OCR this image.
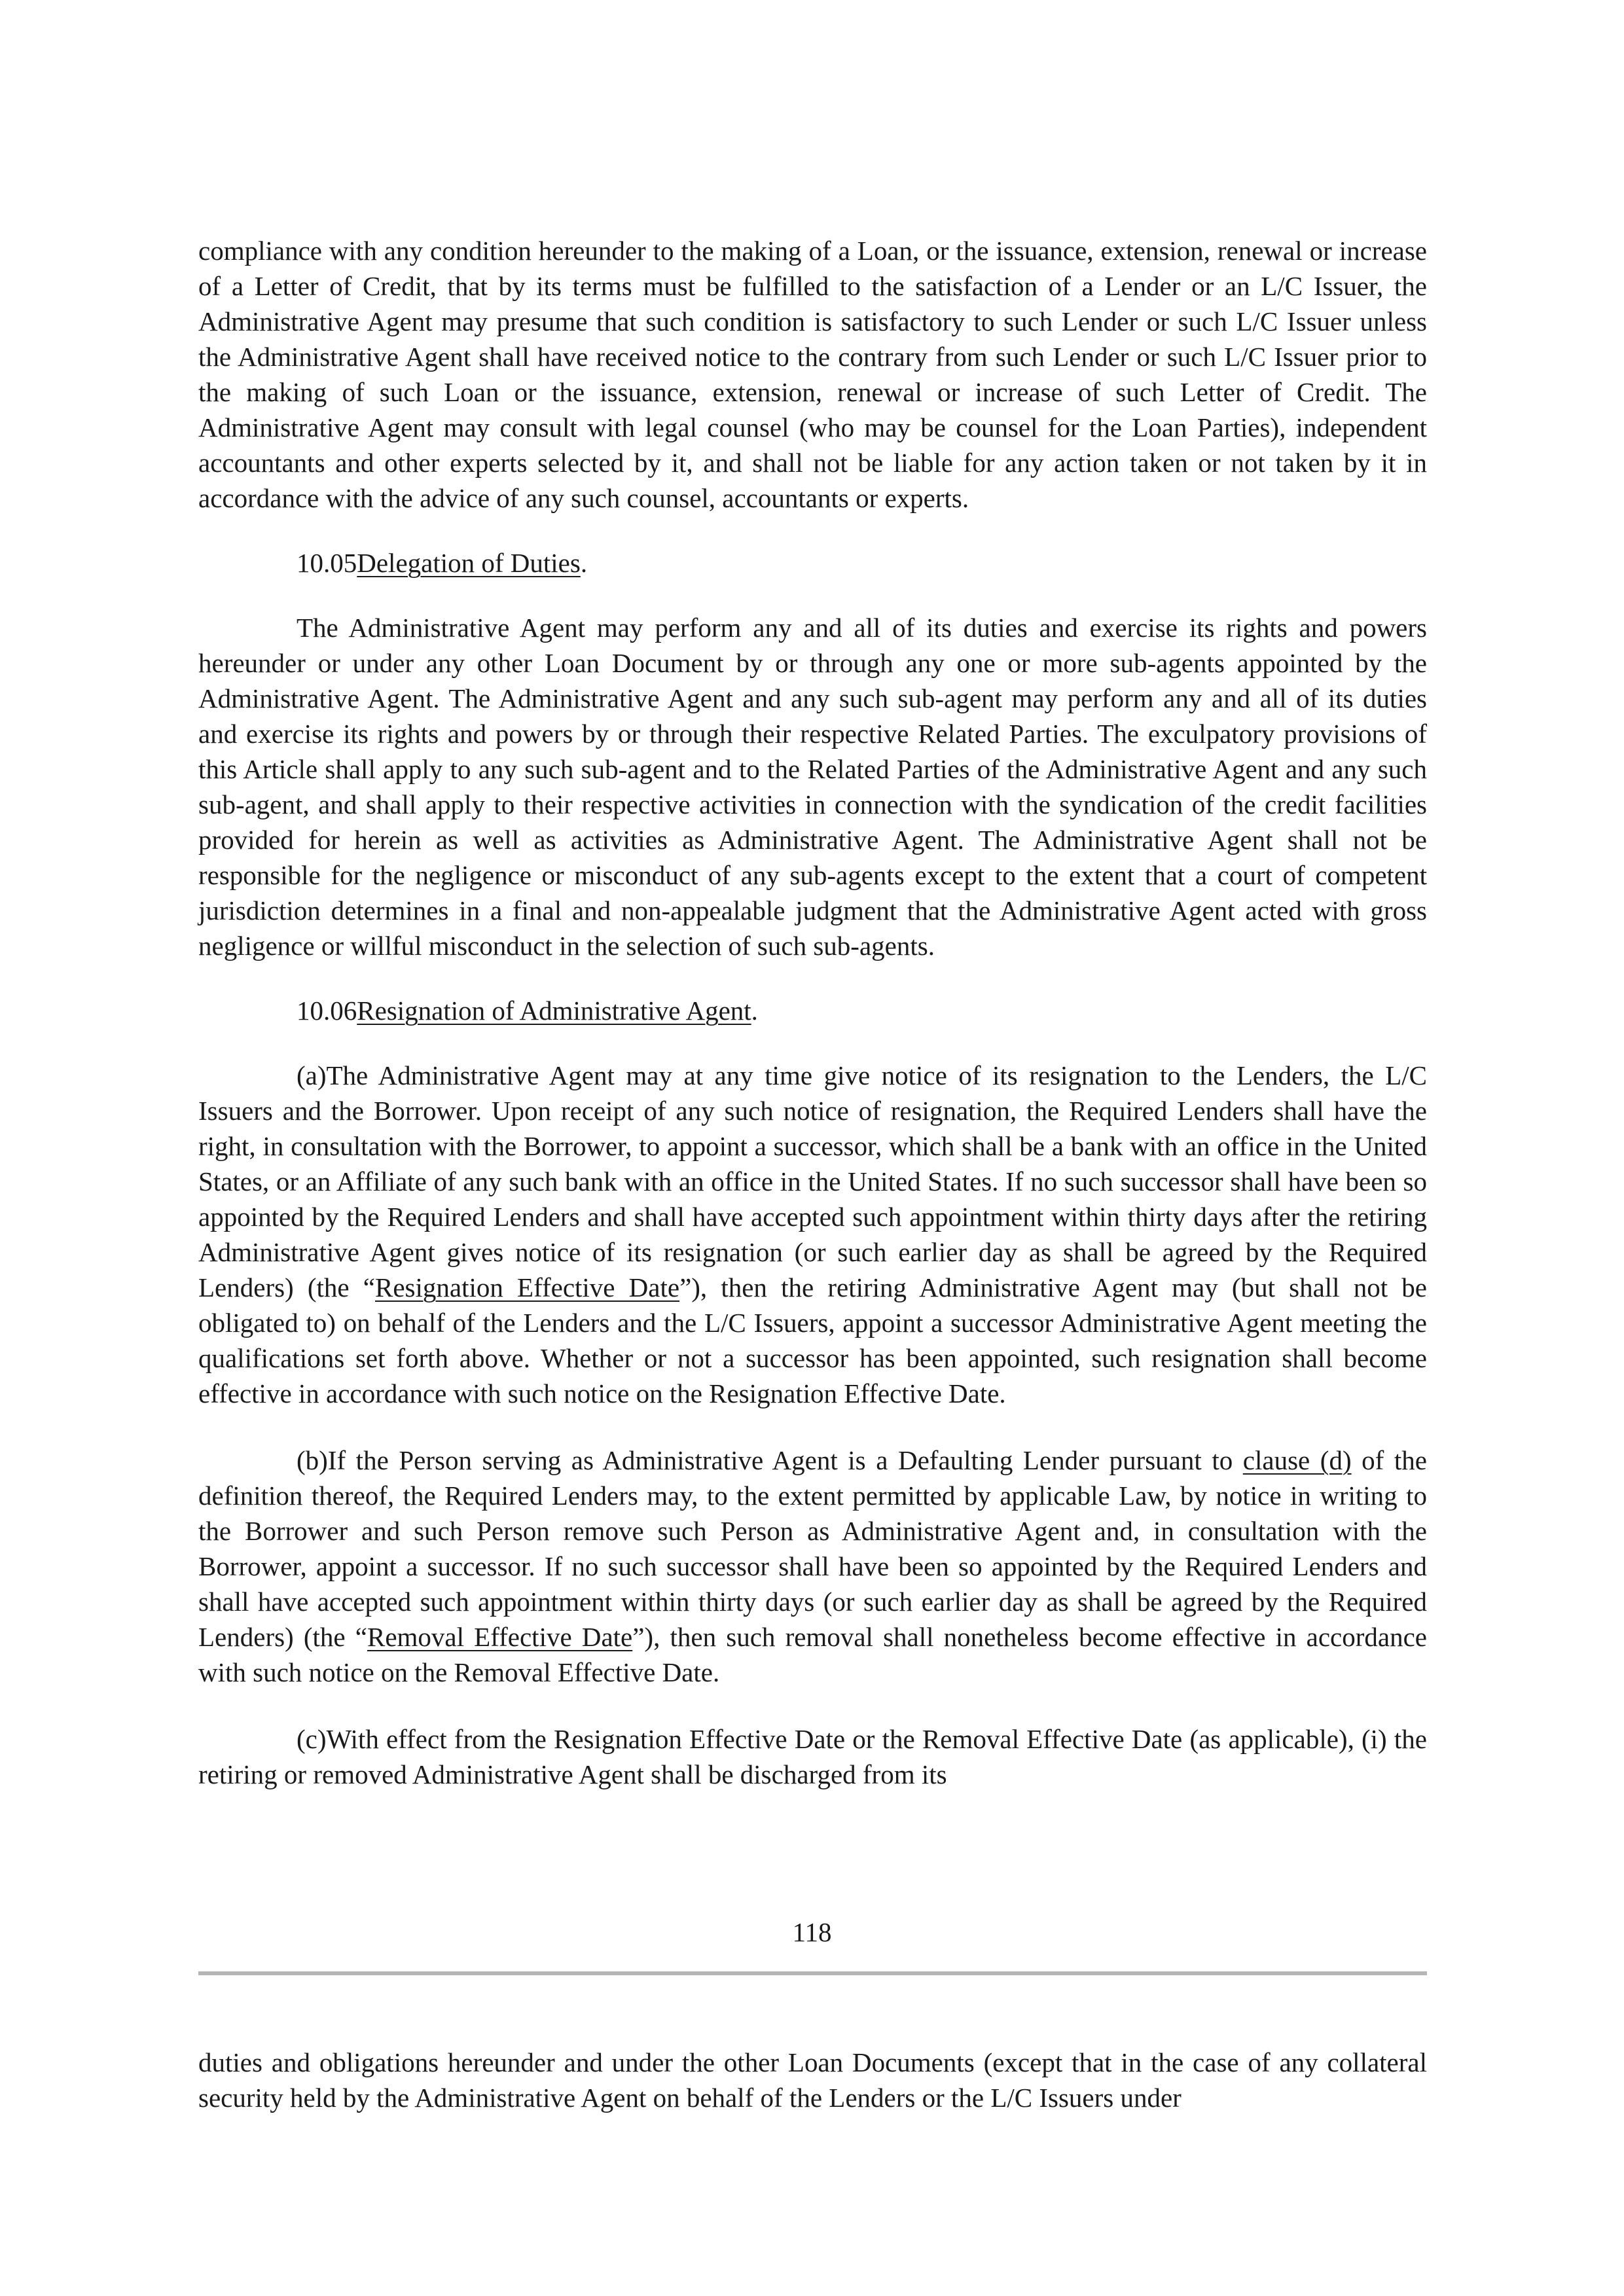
compliance with any condition hereunder to the making of a Loan, or the issuance, extension, renewal or increase of a Letter of Credit, that by its terms must be fulfilled to the satisfaction of a Lender or an L/C Issuer, the Administrative Agent may presume that such condition is satisfactory to such Lender or such L/C Issuer unless the Administrative Agent shall have received notice to the contrary from such Lender or such L/C Issuer prior to the making of such Loan or the issuance, extension, renewal or increase of such Letter of Credit. The Administrative Agent may consult with legal counsel (who may be counsel for the Loan Parties), independent accountants and other experts selected by it, and shall not be liable for any action taken or not taken by it in accordance with the advice of any such counsel, accountants or experts.

10.05Delegation of Duties.

The Administrative Agent may perform any and all of its duties and exercise its rights and powers hereunder or under any other Loan Document by or through any one or more sub-agents appointed by the Administrative Agent. The Administrative Agent and any such sub-agent may perform any and all of its duties and exercise its rights and powers by or through their respective Related Parties. The exculpatory provisions of this Article shall apply to any such sub-agent and to the Related Parties of the Administrative Agent and any such sub-agent, and shall apply to their respective activities in connection with the syndication of the credit facilities provided for herein as well as activities as Administrative Agent. The Administrative Agent shall not be responsible for the negligence or misconduct of any sub-agents except to the extent that a court of competent jurisdiction determines in a final and non-appealable judgment that the Administrative Agent acted with gross negligence or willful misconduct in the selection of such sub-agents.

10.06Resignation of Administrative Agent.

(a)The Administrative Agent may at any time give notice of its resignation to the Lenders, the L/C Issuers and the Borrower. Upon receipt of any such notice of resignation, the Required Lenders shall have the right, in consultation with the Borrower, to appoint a successor, which shall be a bank with an office in the United States, or an Affiliate of any such bank with an office in the United States. If no such successor shall have been so appointed by the Required Lenders and shall have accepted such appointment within thirty days after the retiring Administrative Agent gives notice of its resignation (or such earlier day as shall be agreed by the Required Lenders) (the “Resignation Effective Date”), then the retiring Administrative Agent may (but shall not be obligated to) on behalf of the Lenders and the L/C Issuers, appoint a successor Administrative Agent meeting the qualifications set forth above. Whether or not a successor has been appointed, such resignation shall become effective in accordance with such notice on the Resignation Effective Date.

(b)If the Person serving as Administrative Agent is a Defaulting Lender pursuant to clause (d) of the definition thereof, the Required Lenders may, to the extent permitted by applicable Law, by notice in writing to the Borrower and such Person remove such Person as Administrative Agent and, in consultation with the Borrower, appoint a successor. If no such successor shall have been so appointed by the Required Lenders and shall have accepted such appointment within thirty days (or such earlier day as shall be agreed by the Required Lenders) (the “Removal Effective Date”), then such removal shall nonetheless become effective in accordance with such notice on the Removal Effective Date.

(c)With effect from the Resignation Effective Date or the Removal Effective Date (as applicable), (i) the retiring or removed Administrative Agent shall be discharged from its

118

duties and obligations hereunder and under the other Loan Documents (except that in the case of any collateral security held by the Administrative Agent on behalf of the Lenders or the L/C Issuers under
